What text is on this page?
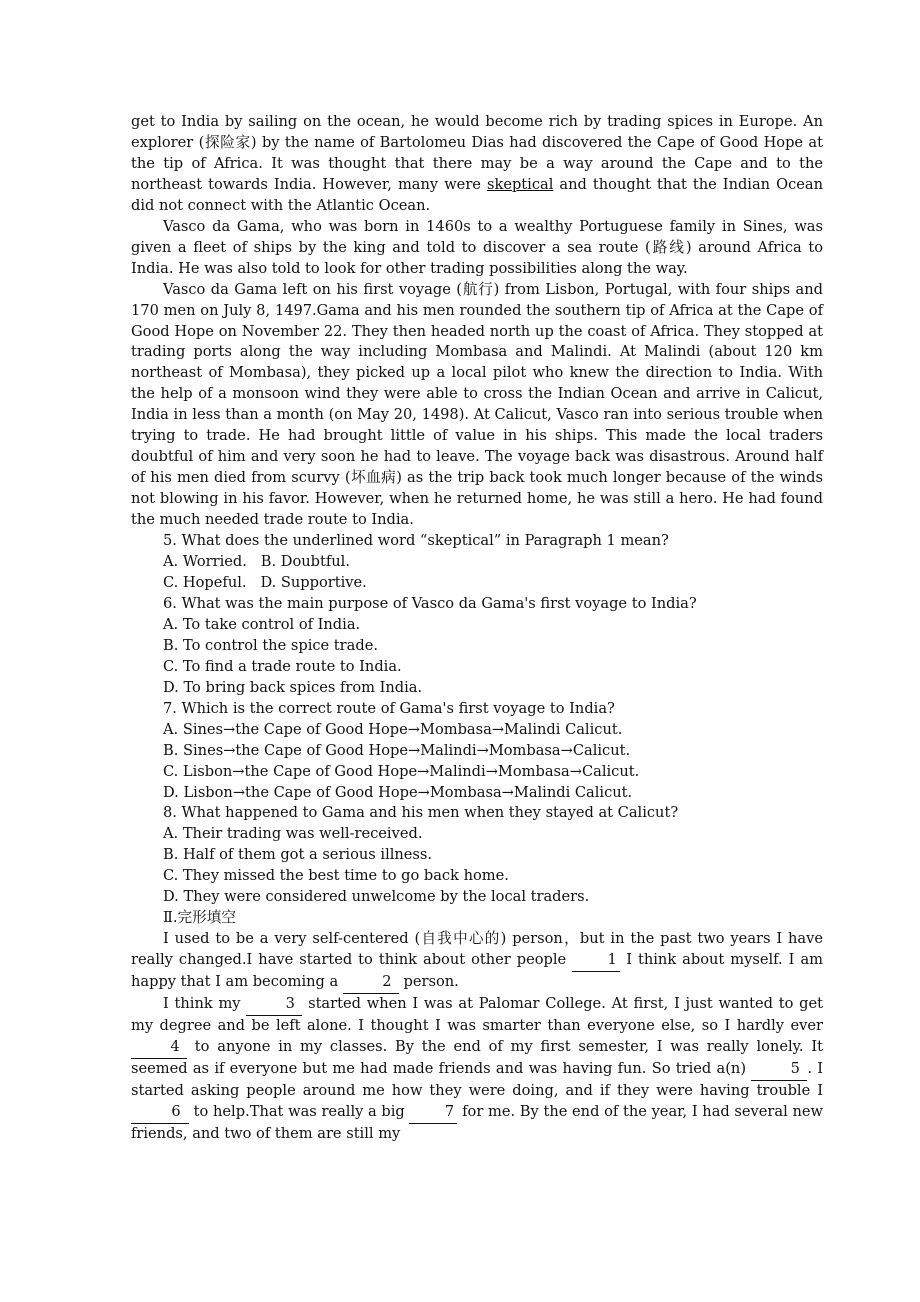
get to India by sailing on the ocean, he would become rich by trading spices in Europe. An explorer (探险家) by the name of Bartolomeu Dias had discovered the Cape of Good Hope at the tip of Africa. It was thought that there may be a way around the Cape and to the northeast towards India. However, many were skeptical and thought that the Indian Ocean did not connect with the Atlantic Ocean.

Vasco da Gama, who was born in 1460s to a wealthy Portuguese family in Sines, was given a fleet of ships by the king and told to discover a sea route (路线) around Africa to India. He was also told to look for other trading possibilities along the way.

Vasco da Gama left on his first voyage (航行) from Lisbon, Portugal, with four ships and 170 men on July 8, 1497.Gama and his men rounded the southern tip of Africa at the Cape of Good Hope on November 22. They then headed north up the coast of Africa. They stopped at trading ports along the way including Mombasa and Malindi. At Malindi (about 120 km northeast of Mombasa), they picked up a local pilot who knew the direction to India. With the help of a monsoon wind they were able to cross the Indian Ocean and arrive in Calicut, India in less than a month (on May 20, 1498). At Calicut, Vasco ran into serious trouble when trying to trade. He had brought little of value in his ships. This made the local traders doubtful of him and very soon he had to leave. The voyage back was disastrous. Around half of his men died from scurvy (坏血病) as the trip back took much longer because of the winds not blowing in his favor. However, when he returned home, he was still a hero. He had found the much needed trade route to India.

5. What does the underlined word “skeptical” in Paragraph 1 mean?
A. Worried.   B. Doubtful.
C. Hopeful.   D. Supportive.
6. What was the main purpose of Vasco da Gama's first voyage to India?
A. To take control of India.
B. To control the spice trade.
C. To find a trade route to India.
D. To bring back spices from India.
7. Which is the correct route of Gama's first voyage to India?
A. Sines→the Cape of Good Hope→Mombasa→Malindi Calicut.
B. Sines→the Cape of Good Hope→Malindi→Mombasa→Calicut.
C. Lisbon→the Cape of Good Hope→Malindi→Mombasa→Calicut.
D. Lisbon→the Cape of Good Hope→Mombasa→Malindi Calicut.
8. What happened to Gama and his men when they stayed at Calicut?
A. Their trading was well-received.
B. Half of them got a serious illness.
C. They missed the best time to go back home.
D. They were considered unwelcome by the local traders.
Ⅱ.完形填空

I used to be a very self-centered (自我中心的) person，but in the past two years I have really changed.I have started to think about other people 1 I think about myself. I am happy that I am becoming a	2 person.

I think my	3 started when I was at Palomar College. At first, I just wanted to get my degree and be left alone. I thought I was smarter than everyone else, so I hardly ever 4 to anyone in my classes. By the end of my first semester, I was really lonely. It seemed as if everyone but me had made friends and was having fun. So tried a(n)	5 . I started asking people around me how they were doing, and if they were having trouble I 6 to help.That was really a big 7 for me. By the end of the year, I had several new friends, and two of them are still my
